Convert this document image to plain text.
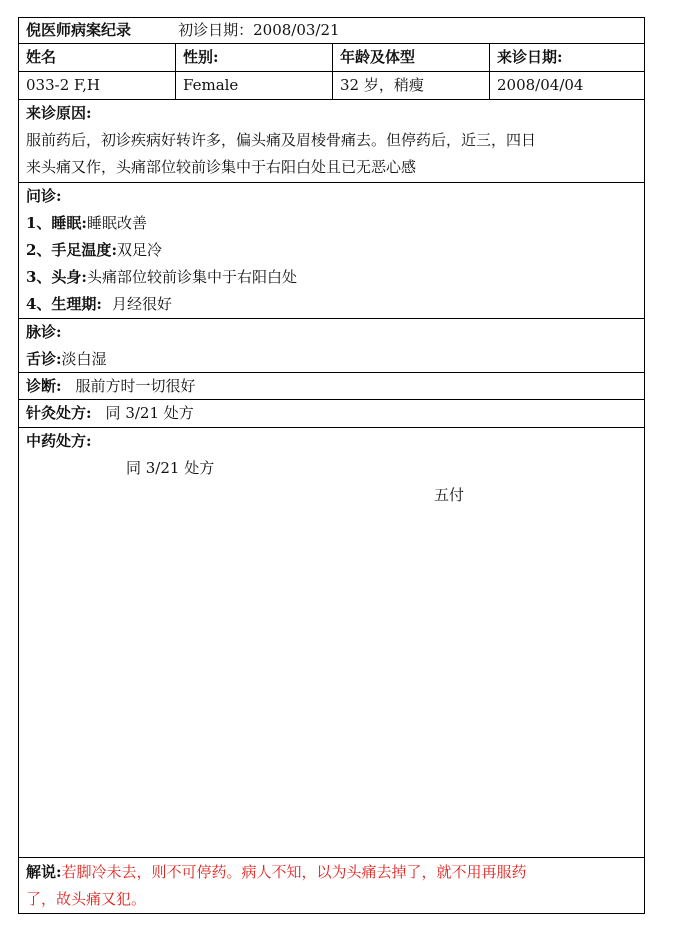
倪医师病案纪录	初诊日期：2008/03/21
姓名	性别:	年龄及体型	来诊日期:
033-2 F,H	Female	32 岁，稍瘦	2008/04/04
来诊原因:
服前药后，初诊疾病好转许多，偏头痛及眉棱骨痛去。但停药后，近三，四日
来头痛又作，头痛部位较前诊集中于右阳白处且已无恶心感
问诊:
1、睡眠:睡眠改善
2、手足温度:双足冷
3、头身:头痛部位较前诊集中于右阳白处
4、生理期: 月经很好
脉诊:
舌诊:淡白湿
诊断: 服前方时一切很好
针灸处方: 同 3/21 处方
中药处方:
同 3/21 处方
五付
解说:若脚冷未去，则不可停药。病人不知，以为头痛去掉了，就不用再服药
了，故头痛又犯。
